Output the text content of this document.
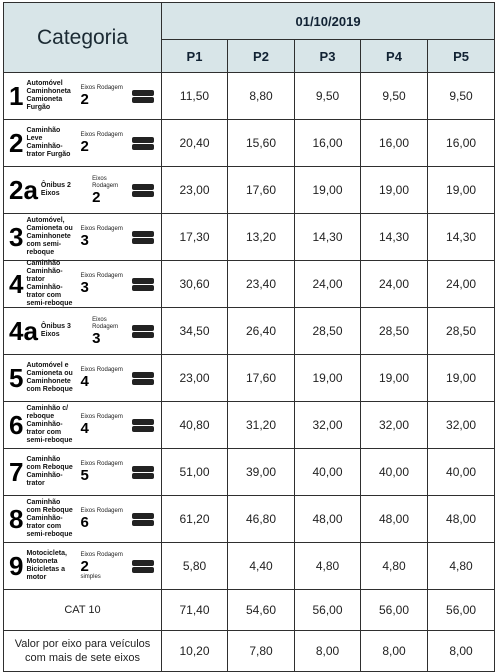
Categoria	01/10/2019				
	P1	P2	P3	P4	P5

1 Automóvel Caminhoneta Camioneta Furgão
Eixos Rodagem
2	11,50	8,80	9,50	9,50	9,50

2 Caminhão Leve Caminhão-trator Furgão
Eixos Rodagem
2	20,40	15,60	16,00	16,00	16,00

2a Ônibus 2 Eixos
Eixos Rodagem
2	23,00	17,60	19,00	19,00	19,00

3
Automóvel, Camioneta ou Caminhonete com semi-reboque
Eixos Rodagem
3	17,30	13,20	14,30	14,30	14,30

4
Caminhão Caminhão-trator Caminhão-trator com semi-reboque
Eixos Rodagem
3	30,60	23,40	24,00	24,00	24,00

4a Ônibus 3 Eixos
Eixos Rodagem
3	34,50	26,40	28,50	28,50	28,50

5 Automóvel e Camioneta ou Caminhonete com Reboque
Eixos Rodagem
4	23,00	17,60	19,00	19,00	19,00

6
Caminhão c/ reboque Caminhão-trator com semi-reboque
Eixos Rodagem
4	40,80	31,20	32,00	32,00	32,00

7 Caminhão com Reboque Caminhão-trator
Eixos Rodagem
5	51,00	39,00	40,00	40,00	40,00

8
Caminhão com Reboque Caminhão-trator com semi-reboque
Eixos Rodagem
6	61,20	46,80	48,00	48,00	48,00

9 Motocicleta, Motoneta Bicicletas a motor
Eixos Rodagem
2
simples	5,80	4,40	4,80	4,80	4,80
CAT 10	71,40	54,60	56,00	56,00	56,00
Valor por eixo para veículos com mais de sete eixos	10,20	7,80	8,00	8,00	8,00
